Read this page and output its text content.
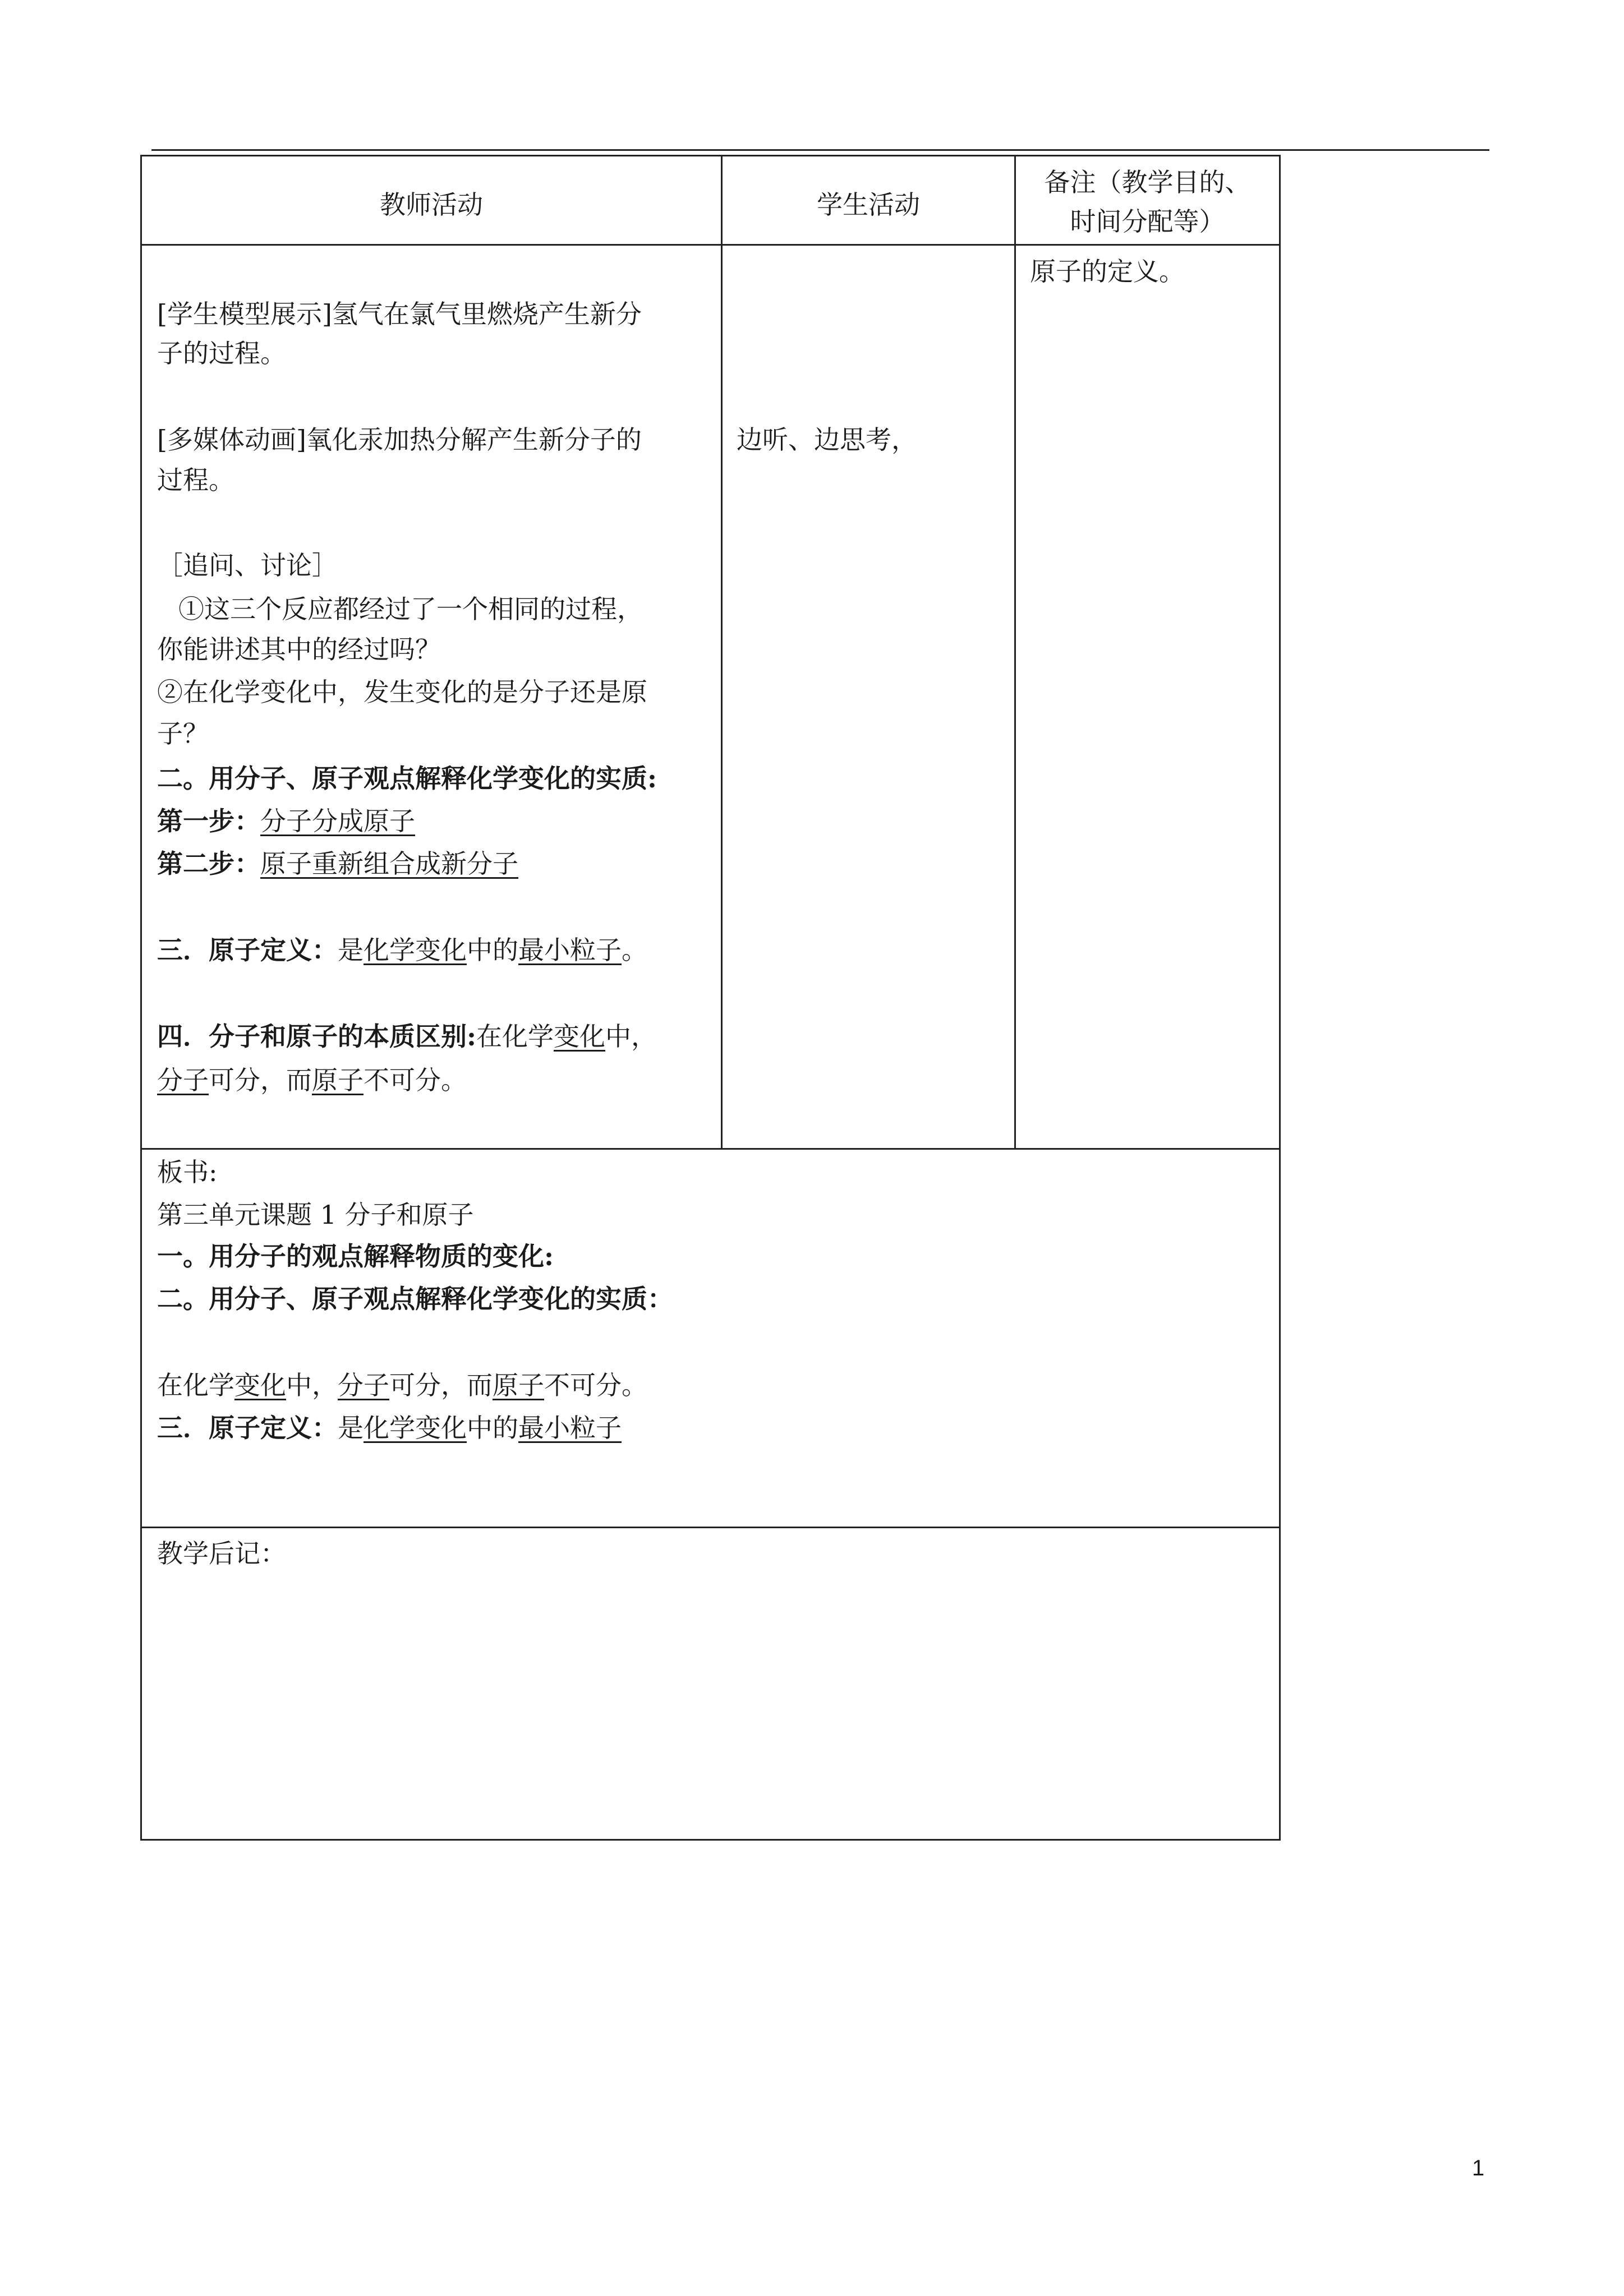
教师活动	学生活动
备注（教学目的、
时间分配等）
[学生模型展示]氢气在氯气里燃烧产生新分
子的过程。
[多媒体动画]氧化汞加热分解产生新分子的
过程。
［追问、讨论］
①这三个反应都经过了一个相同的过程，
你能讲述其中的经过吗？
②在化学变化中，发生变化的是分子还是原
子？
二。用分子、原子观点解释化学变化的实质:
第一步：分子分成原子
第二步：原子重新组合成新分子
三．原子定义：是化学变化中的最小粒子。
四．分子和原子的本质区别:在化学变化中，
分子可分，而原子不可分。
边听、边思考，
原子的定义。
板书:
第三单元课题 1 分子和原子
一。用分子的观点解释物质的变化:
二。用分子、原子观点解释化学变化的实质：
在化学变化中，分子可分，而原子不可分。
三．原子定义：是化学变化中的最小粒子
教学后记：
1
